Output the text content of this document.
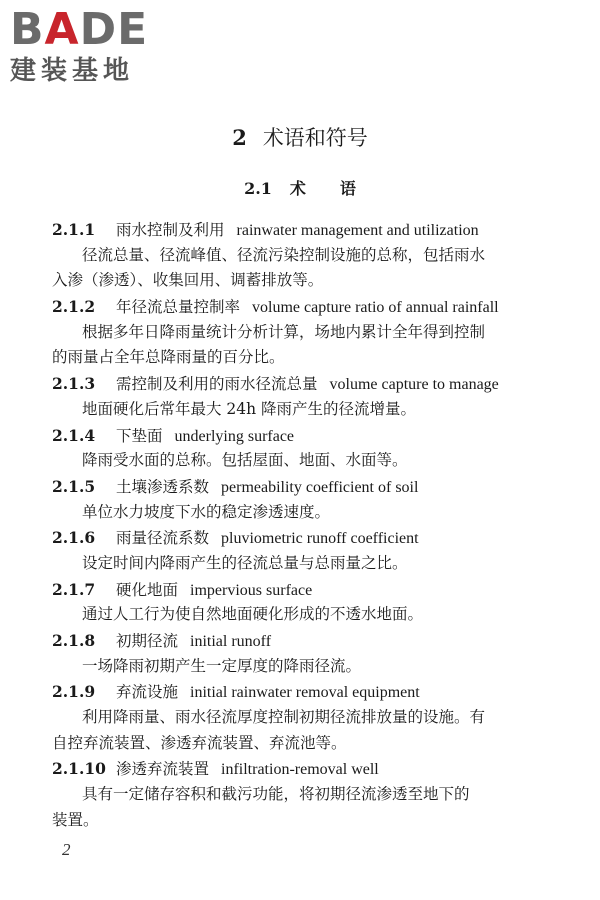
B A DE
建装基地
2 术语和符号
2.1 术 语
2.1.1 雨水控制及利用 rainwater management and utilization
径流总量、径流峰值、径流污染控制设施的总称，包括雨水
入渗（渗透）、收集回用、调蓄排放等。
2.1.2 年径流总量控制率 volume capture ratio of annual rainfall
根据多年日降雨量统计分析计算，场地内累计全年得到控制
的雨量占全年总降雨量的百分比。
2.1.3 需控制及利用的雨水径流总量 volume capture to manage
地面硬化后常年最大 24h 降雨产生的径流增量。
2.1.4 下垫面 underlying surface
降雨受水面的总称。包括屋面、地面、水面等。
2.1.5 土壤渗透系数 permeability coefficient of soil
单位水力坡度下水的稳定渗透速度。
2.1.6 雨量径流系数 pluviometric runoff coefficient
设定时间内降雨产生的径流总量与总雨量之比。
2.1.7 硬化地面 impervious surface
通过人工行为使自然地面硬化形成的不透水地面。
2.1.8 初期径流 initial runoff
一场降雨初期产生一定厚度的降雨径流。
2.1.9 弃流设施 initial rainwater removal equipment
利用降雨量、雨水径流厚度控制初期径流排放量的设施。有
自控弃流装置、渗透弃流装置、弃流池等。
2.1.10 渗透弃流装置 infiltration-removal well
具有一定储存容积和截污功能，将初期径流渗透至地下的
装置。
2
